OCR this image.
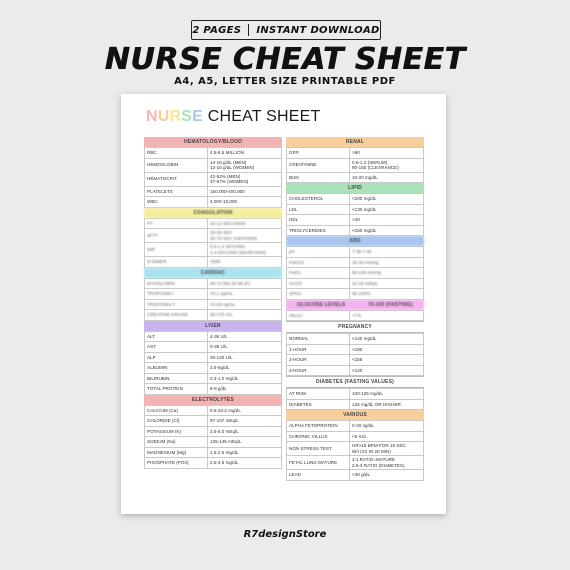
2 PAGES INSTANT DOWNLOAD
NURSE CHEAT SHEET
A4, A5, LETTER SIZE PRINTABLE PDF
NURSE CHEAT SHEET
HEMATOLOGY/BLOOD
RBC	4.5-5.5 MILLION
HEMOGLOBIN	14-18 g/dL (MEN)
12-16 g/dL (WOMEN)
HEMATOCRIT	42-52% (MEN)
37-57% (WOMEN)
PLATELETS	150,000-400,000
WBC	4,000-10,000
COAGULATION
PT	10-12 SECONDS
aPTT	25-35 SEC
30-70 SEC (HEPARIN)
INR	0.9-1.2 SECOND
2-3 SECOND (WARFARIN)
D-DIMER	<500
CARDIAC
MYOGLOBIN	28-72 (M) 25-58 (F)
TROPONIN I	<0.1 ng/mL
TROPONIN T	<0.05 ng/mL
CREATINE KINASE	30-170 U/L
LIVER
ALT	4-36 U/L
AST	0-35 U/L
ALP	30-120 U/L
ALBUMIN	3.5-5g/dL
BILIRUBIN	0.3-1.0 mg/dL
TOTAL PROTEIN	6-8 g/dL
ELECTROLYTES
CALCIUM (Ca)	8.6-10.2 mg/dL
CHLORIDE (Cl)	97-107 mEq/L
POTASSIUM (K)	3.5-5.0 mEq/L
SODIUM (Na)	135-145 mEq/L
MAGNESIUM (Mg)	1.5-2.5 mg/dL
PHOSPHATE (PO4)	2.5-4.5 mg/dL
RENAL
GFR	>90
CREATININE	0.6-1.2 (SERUM)
90-150 (CLEARANCE)
BUN	10-20 mg/dL
LIPID
CHOLESTEROL	<200 mg/dL
LDL	<130 mg/dL
HDL	>40
TRIGLYCERIDES	<150 mg/dL
ABG
pH	7.35-7.45
PaCO2	35-45 mmHg
PaO2	80-100 mmHg
HCO3	22-26 mEq/L
SPO2	95-100%
GLUCOSE LEVELS	70-100 (FASTING)
HbA1c	<7%
PREGNANCY
NORMAL	<140 mg/dL
1-HOUR	<180
2-HOUR	<155
3-HOUR	<140
DIABETES (FASTING VALUES)
AT RISK	100-125 mg/dL
DIABETES	126 mg/dL OR HIGHER
VARIOUS
ALPHA FETOPROTEIN	0-20 ng/dL
CHRONIC VILLUS	<5 IU/L
NON STRESS TEST	HR>15 BPM FOR 15 SEC
W/I (X2 IN 20 MIN)
FETAL LUNG MATURE	2:1 RATIO=MATURE
2.5-3 RATIO (DIABETES)
LEAD	<40 g/dL
R7designStore
